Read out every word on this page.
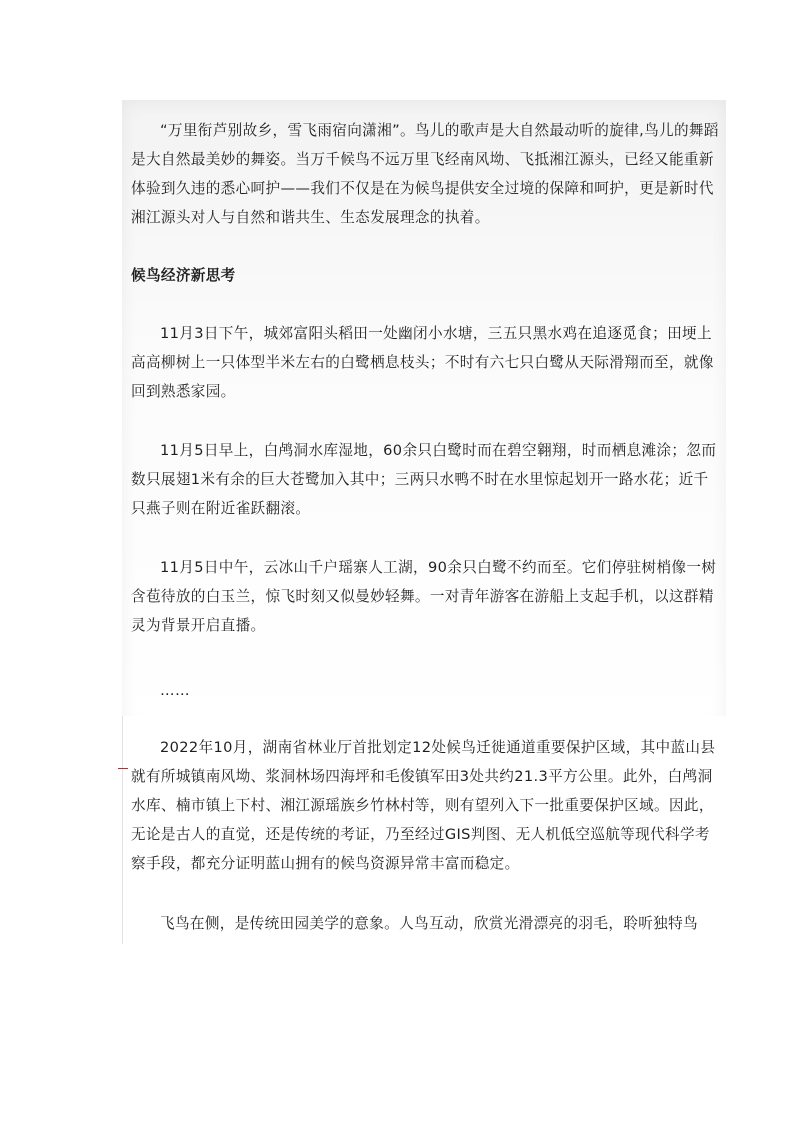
“万里衔芦别故乡，雪飞雨宿向潇湘”。鸟儿的歌声是大自然最动听的旋律,鸟儿的舞蹈是大自然最美妙的舞姿。当万千候鸟不远万里飞经南风坳、飞抵湘江源头，已经又能重新体验到久违的悉心呵护——我们不仅是在为候鸟提供安全过境的保障和呵护，更是新时代湘江源头对人与自然和谐共生、生态发展理念的执着。

候鸟经济新思考

11月3日下午，城郊富阳头稻田一处幽闭小水塘，三五只黑水鸡在追逐觅食；田埂上高高柳树上一只体型半米左右的白鹭栖息枝头；不时有六七只白鹭从天际滑翔而至，就像回到熟悉家园。

11月5日早上，白鸬洞水库湿地，60余只白鹭时而在碧空翱翔，时而栖息滩涂；忽而数只展翅1米有余的巨大苍鹭加入其中；三两只水鸭不时在水里惊起划开一路水花；近千只燕子则在附近雀跃翻滚。

11月5日中午，云冰山千户瑶寨人工湖，90余只白鹭不约而至。它们停驻树梢像一树含苞待放的白玉兰，惊飞时刻又似曼妙轻舞。一对青年游客在游船上支起手机，以这群精灵为背景开启直播。

……

2022年10月，湖南省林业厅首批划定12处候鸟迁徙通道重要保护区域，其中蓝山县就有所城镇南风坳、浆洞林场四海坪和毛俊镇军田3处共约21.3平方公里。此外，白鸬洞水库、楠市镇上下村、湘江源瑶族乡竹林村等，则有望列入下一批重要保护区域。因此，无论是古人的直觉，还是传统的考证，乃至经过GIS判图、无人机低空巡航等现代科学考察手段，都充分证明蓝山拥有的候鸟资源异常丰富而稳定。

飞鸟在侧，是传统田园美学的意象。人鸟互动，欣赏光滑漂亮的羽毛，聆听独特鸟
